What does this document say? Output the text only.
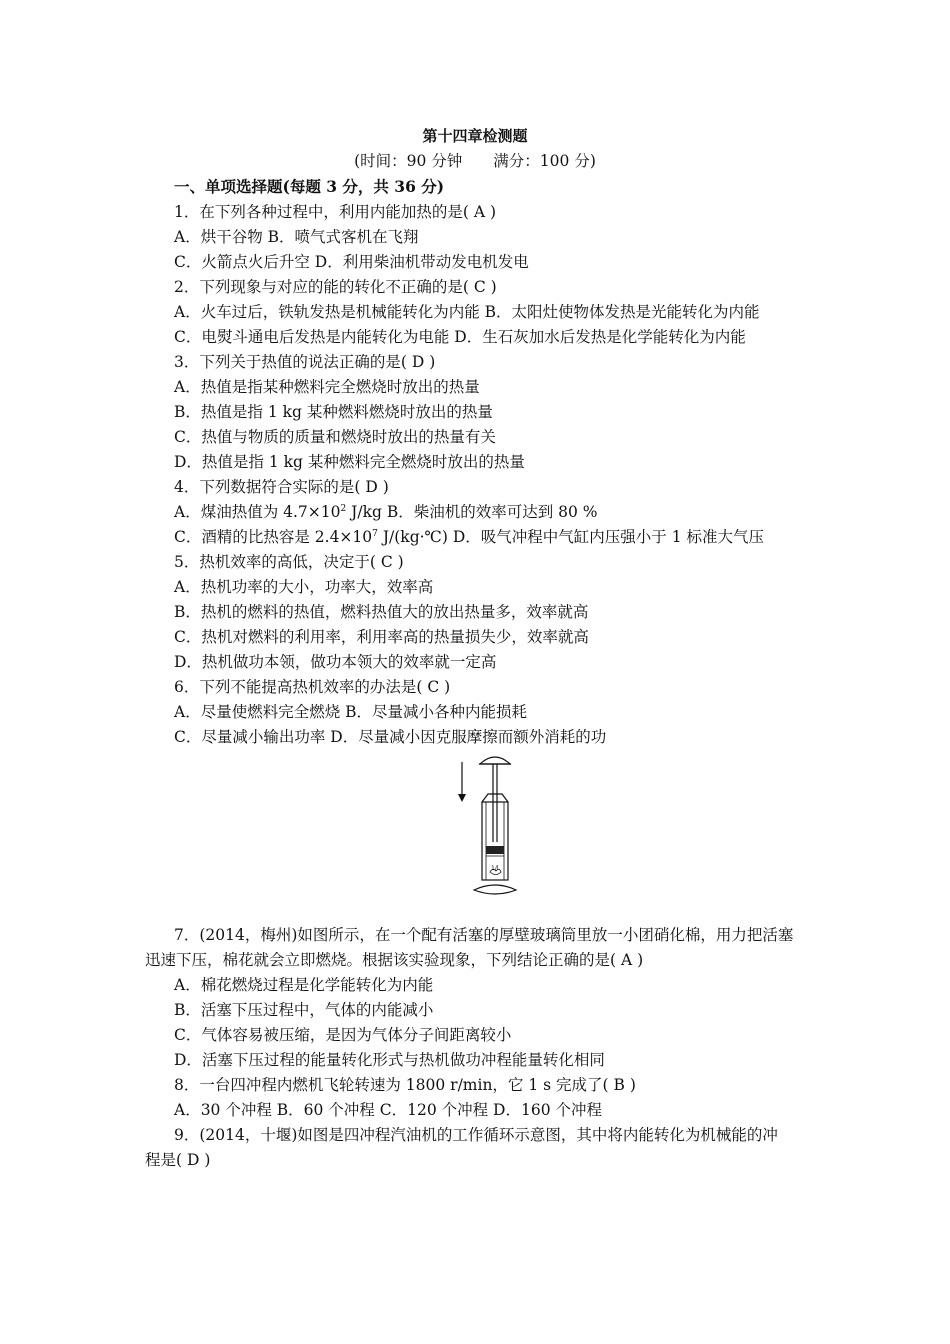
第十四章检测题
(时间：90 分钟　　满分：100 分)
一、单项选择题(每题 3 分，共 36 分)
1．在下列各种过程中，利用内能加热的是( A )
A．烘干谷物 B．喷气式客机在飞翔
C．火箭点火后升空 D．利用柴油机带动发电机发电
2．下列现象与对应的能的转化不正确的是( C )
A．火车过后，铁轨发热是机械能转化为内能 B．太阳灶使物体发热是光能转化为内能
C．电熨斗通电后发热是内能转化为电能 D．生石灰加水后发热是化学能转化为内能
3．下列关于热值的说法正确的是( D )
A．热值是指某种燃料完全燃烧时放出的热量
B．热值是指 1 kg 某种燃料燃烧时放出的热量
C．热值与物质的质量和燃烧时放出的热量有关
D．热值是指 1 kg 某种燃料完全燃烧时放出的热量
4．下列数据符合实际的是( D )
A．煤油热值为 $4.7\times 10^2$ J/kg B．柴油机的效率可达到 80 %
C．酒精的比热容是 $2.4\times 10^7$ J/(kg·℃) D．吸气冲程中气缸内压强小于 1 标准大气压
5．热机效率的高低，决定于( C )
A．热机功率的大小，功率大，效率高
B．热机的燃料的热值，燃料热值大的放出热量多，效率就高
C．热机对燃料的利用率，利用率高的热量损失少，效率就高
D．热机做功本领，做功本领大的效率就一定高
6．下列不能提高热机效率的办法是( C )
A．尽量使燃料完全燃烧 B．尽量减小各种内能损耗
C．尽量减小输出功率 D．尽量减小因克服摩擦而额外消耗的功
1/l
7．(2014，梅州)如图所示，在一个配有活塞的厚壁玻璃筒里放一小团硝化棉，用力把活塞
迅速下压，棉花就会立即燃烧。根据该实验现象，下列结论正确的是( A )
A．棉花燃烧过程是化学能转化为内能
B．活塞下压过程中，气体的内能减小
C．气体容易被压缩，是因为气体分子间距离较小
D．活塞下压过程的能量转化形式与热机做功冲程能量转化相同
8．一台四冲程内燃机飞轮转速为 1800 r/min，它 1 s 完成了( B )
A．30 个冲程 B．60 个冲程 C．120 个冲程 D．160 个冲程
9．(2014，十堰)如图是四冲程汽油机的工作循环示意图，其中将内能转化为机械能的冲
程是( D )
